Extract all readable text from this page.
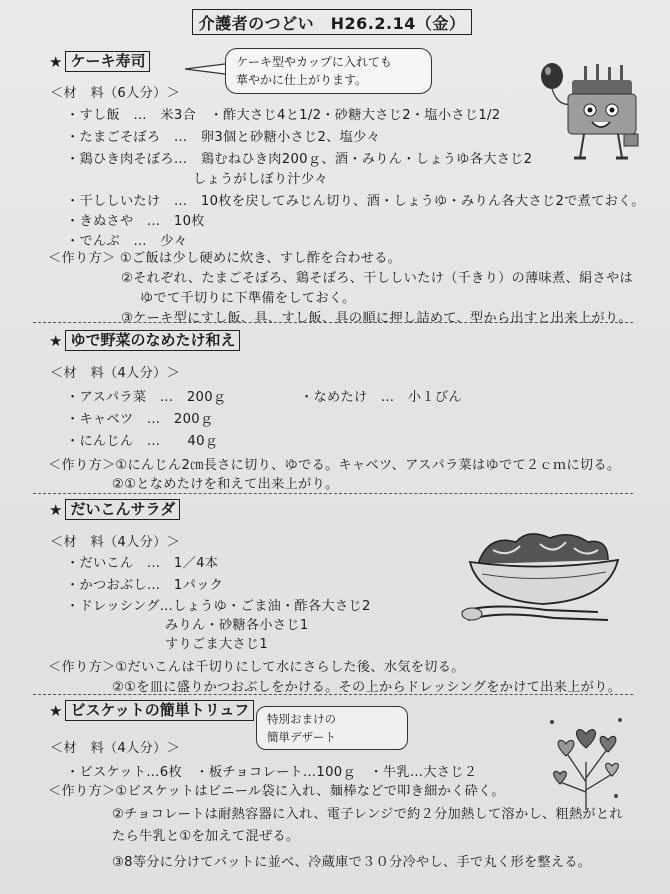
介護者のつどい　H26.2.14（金）
★ ケーキ寿司	ケーキ型やカップに入れても
華やかに仕上がります。
＜材　料（6人分）＞
・すし飯　…　米3合　・酢大さじ4と1/2・砂糖大さじ2・塩小さじ1/2
・たまごそぼろ　…　卵3個と砂糖小さじ2、塩少々
・鶏ひき肉そぼろ…　鶏むねひき肉200ｇ、酒・みりん・しょうゆ各大さじ2
しょうがしぼり汁少々
・干ししいたけ　…　10枚を戻してみじん切り、酒・しょうゆ・みりん各大さじ2で煮ておく。
・きぬさや　…　10枚
・でんぶ　…　少々
＜作り方＞ ①ご飯は少し硬めに炊き、すし酢を合わせる。
②それぞれ、たまごそぼろ、鶏そぼろ、干ししいたけ（千きり）の薄味煮、絹さやは
ゆでて千切りに下準備をしておく。
③ケーキ型にすし飯、具、すし飯、具の順に押し詰めて、型から出すと出来上がり。
★ ゆで野菜のなめたけ和え
＜材　料（4人分）＞
・アスパラ菜　…　200ｇ	・なめたけ　…　小１びん
・キャベツ　…　200ｇ
・にんじん　…　　40ｇ
＜作り方＞①にんじん2㎝長さに切り、ゆでる。キャベツ、アスパラ菜はゆでて２ｃｍに切る。
②①となめたけを和えて出来上がり。
★ だいこんサラダ
＜材　料（4人分）＞
・だいこん　…　1／4本
・かつおぶし…　1パック
・ドレッシング…しょうゆ・ごま油・酢各大さじ2
みりん・砂糖各小さじ1
すりごま大さじ1
＜作り方＞①だいこんは千切りにして水にさらした後、水気を切る。
②①を皿に盛りかつおぶしをかける。その上からドレッシングをかけて出来上がり。
★ ビスケットの簡単トリュフ	特別おまけの
簡単デザート
＜材　料（4人分）＞
・ビスケット…6枚　・板チョコレート…100ｇ　・牛乳…大さじ２
＜作り方＞①ビスケットはビニール袋に入れ、麺棒などで叩き細かく砕く。
②チョコレートは耐熱容器に入れ、電子レンジで約２分加熱して溶かし、粗熱がとれ
たら牛乳と①を加えて混ぜる。
③8等分に分けてバットに並べ、冷蔵庫で３０分冷やし、手で丸く形を整える。
